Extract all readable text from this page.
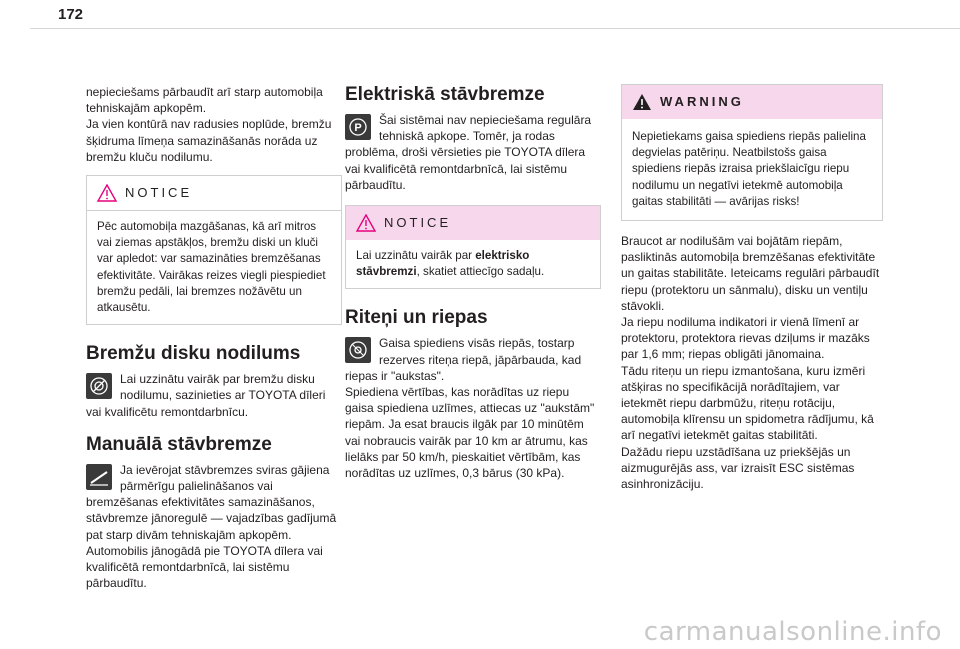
172

nepieciešams pārbaudīt arī starp automobiļa tehniskajām apkopēm.
Ja vien kontūrā nav radusies noplūde, bremžu šķidruma līmeņa samazināšanās norāda uz bremžu kluču nodilumu.

NOTICE
Pēc automobiļa mazgāšanas, kā arī mitros vai ziemas apstākļos, bremžu diski un kluči var apledot: var samazināties bremzēšanas efektivitāte. Vairākas reizes viegli piespiediet bremžu pedāli, lai bremzes nožāvētu un atkausētu.

Bremžu disku nodilums

Lai uzzinātu vairāk par bremžu disku nodilumu, sazinieties ar TOYOTA dīleri vai kvalificētu remontdarbnīcu.

Manuālā stāvbremze

Ja ievērojat stāvbremzes sviras gājiena pārmērīgu palielināšanos vai bremzēšanas efektivitātes samazināšanos, stāvbremze jānoregulē — vajadzības gadījumā pat starp divām tehniskajām apkopēm.
Automobilis jānogādā pie TOYOTA dīlera vai kvalificētā remontdarbnīcā, lai sistēmu pārbaudītu.

Elektriskā stāvbremze

P

Šai sistēmai nav nepieciešama regulāra tehniskā apkope. Tomēr, ja rodas problēma, droši vērsieties pie TOYOTA dīlera vai kvalificētā remontdarbnīcā, lai sistēmu pārbaudītu.

NOTICE
Lai uzzinātu vairāk par elektrisko stāvbremzi, skatiet attiecīgo sadaļu.

Riteņi un riepas

Gaisa spiediens visās riepās, tostarp rezerves riteņa riepā, jāpārbauda, kad riepas ir "aukstas".
Spiediena vērtības, kas norādītas uz riepu gaisa spiediena uzlīmes, attiecas uz "aukstām" riepām. Ja esat braucis ilgāk par 10 minūtēm vai nobraucis vairāk par 10 km ar ātrumu, kas lielāks par 50 km/h, pieskaitiet vērtībām, kas norādītas uz uzlīmes, 0,3 bārus (30 kPa).

WARNING
Nepietiekams gaisa spiediens riepās palielina degvielas patēriņu. Neatbilstošs gaisa spiediens riepās izraisa priekšlaicīgu riepu nodilumu un negatīvi ietekmē automobiļa gaitas stabilitāti — avārijas risks!

Braucot ar nodilušām vai bojātām riepām, pasliktinās automobiļa bremzēšanas efektivitāte un gaitas stabilitāte. Ieteicams regulāri pārbaudīt riepu (protektoru un sānmalu), disku un ventiļu stāvokli.
Ja riepu nodiluma indikatori ir vienā līmenī ar protektoru, protektora rievas dziļums ir mazāks par 1,6 mm; riepas obligāti jānomaina.
Tādu riteņu un riepu izmantošana, kuru izmēri atšķiras no specifikācijā norādītajiem, var ietekmēt riepu darbmūžu, riteņu rotāciju, automobiļa klīrensu un spidometra rādījumu, kā arī negatīvi ietekmēt gaitas stabilitāti.
Dažādu riepu uzstādīšana uz priekšējās un aizmugurējās ass, var izraisīt ESC sistēmas asinhronizāciju.

carmanualsonline.info
